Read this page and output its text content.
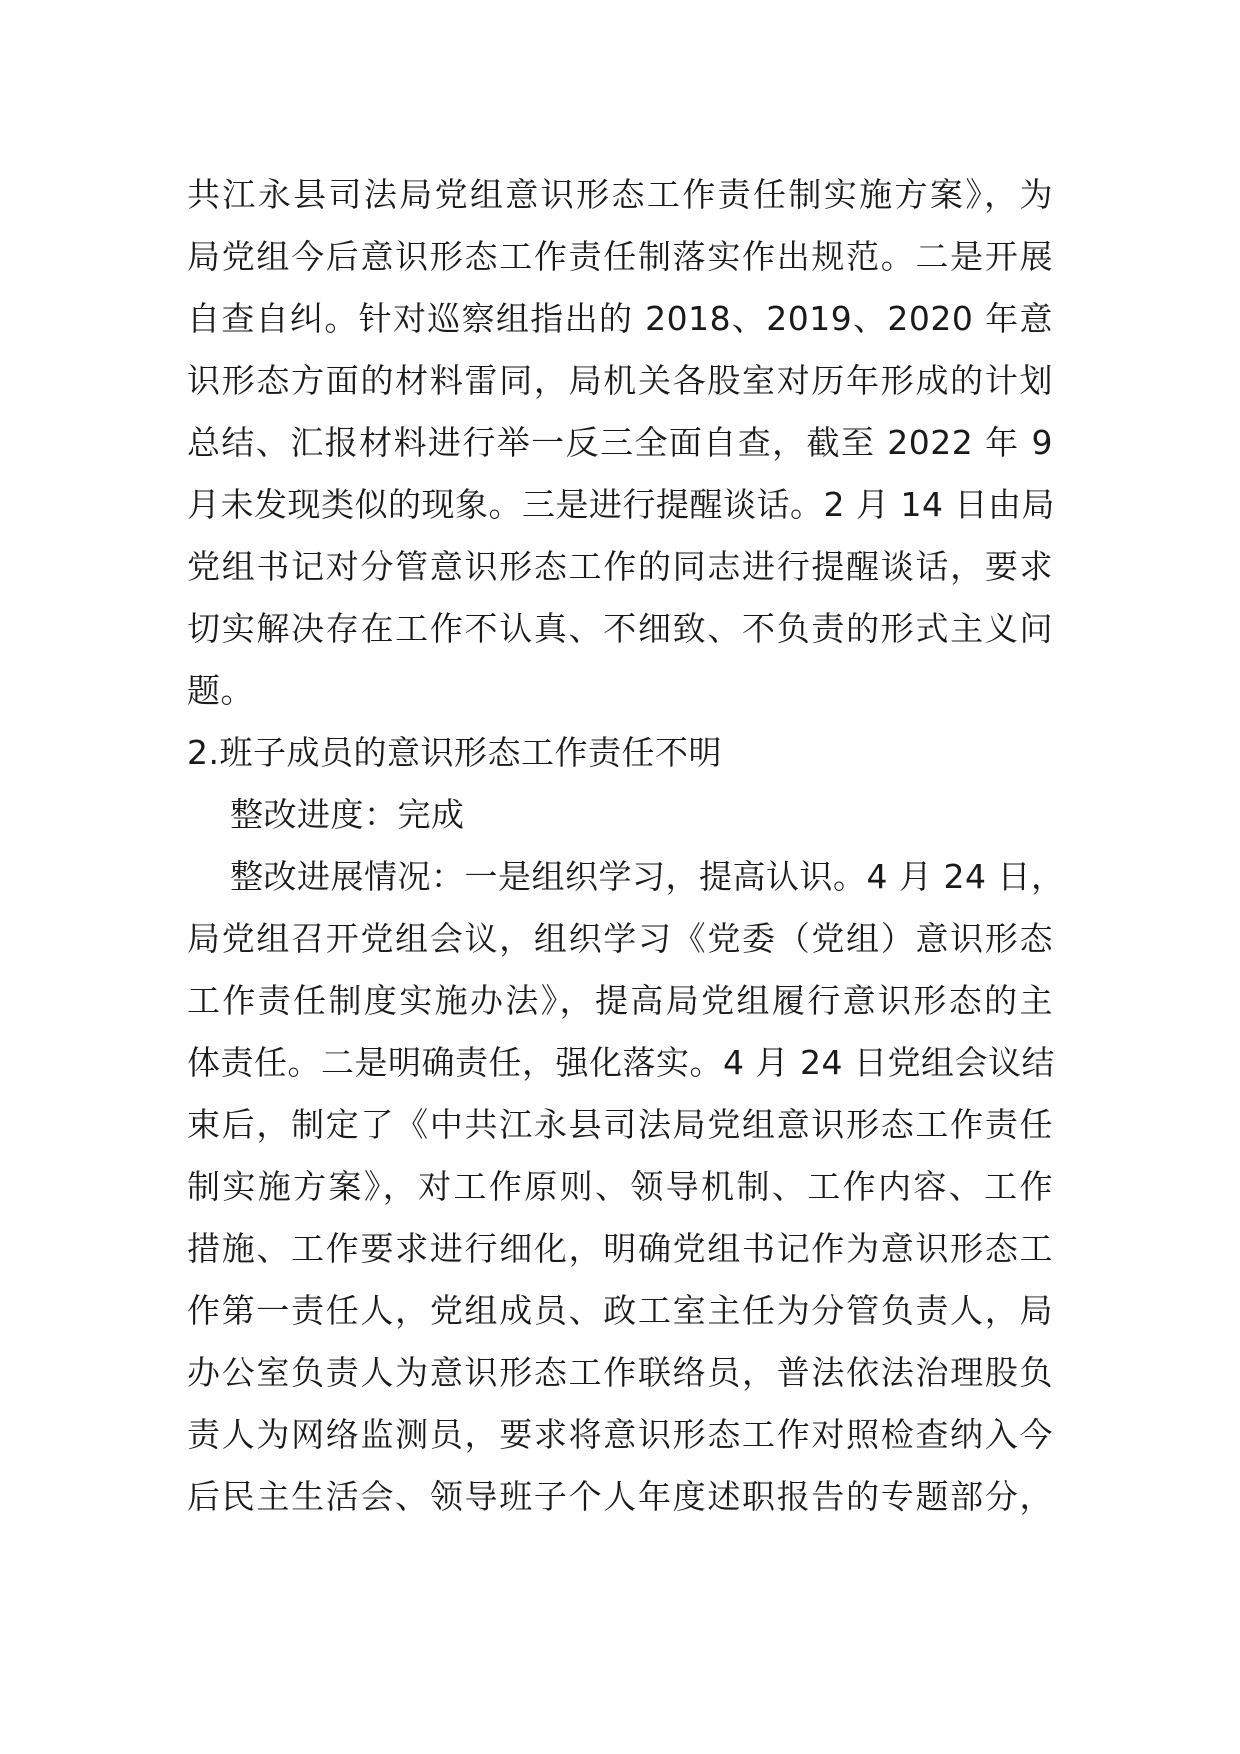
共江永县司法局党组意识形态工作责任制实施方案》，为
局党组今后意识形态工作责任制落实作出规范。二是开展
自查自纠。针对巡察组指出的 2018、2019、2020 年意
识形态方面的材料雷同，局机关各股室对历年形成的计划
总结、汇报材料进行举一反三全面自查，截至 2022 年 9
月未发现类似的现象。三是进行提醒谈话。2 月 14 日由局
党组书记对分管意识形态工作的同志进行提醒谈话，要求
切实解决存在工作不认真、不细致、不负责的形式主义问
题。
2.班子成员的意识形态工作责任不明
整改进度：完成
整改进展情况：一是组织学习，提高认识。4 月 24 日，
局党组召开党组会议，组织学习《党委（党组）意识形态
工作责任制度实施办法》，提高局党组履行意识形态的主
体责任。二是明确责任，强化落实。4 月 24 日党组会议结
束后，制定了《中共江永县司法局党组意识形态工作责任
制实施方案》，对工作原则、领导机制、工作内容、工作
措施、工作要求进行细化，明确党组书记作为意识形态工
作第一责任人，党组成员、政工室主任为分管负责人，局
办公室负责人为意识形态工作联络员，普法依法治理股负
责人为网络监测员，要求将意识形态工作对照检查纳入今
后民主生活会、领导班子个人年度述职报告的专题部分，
